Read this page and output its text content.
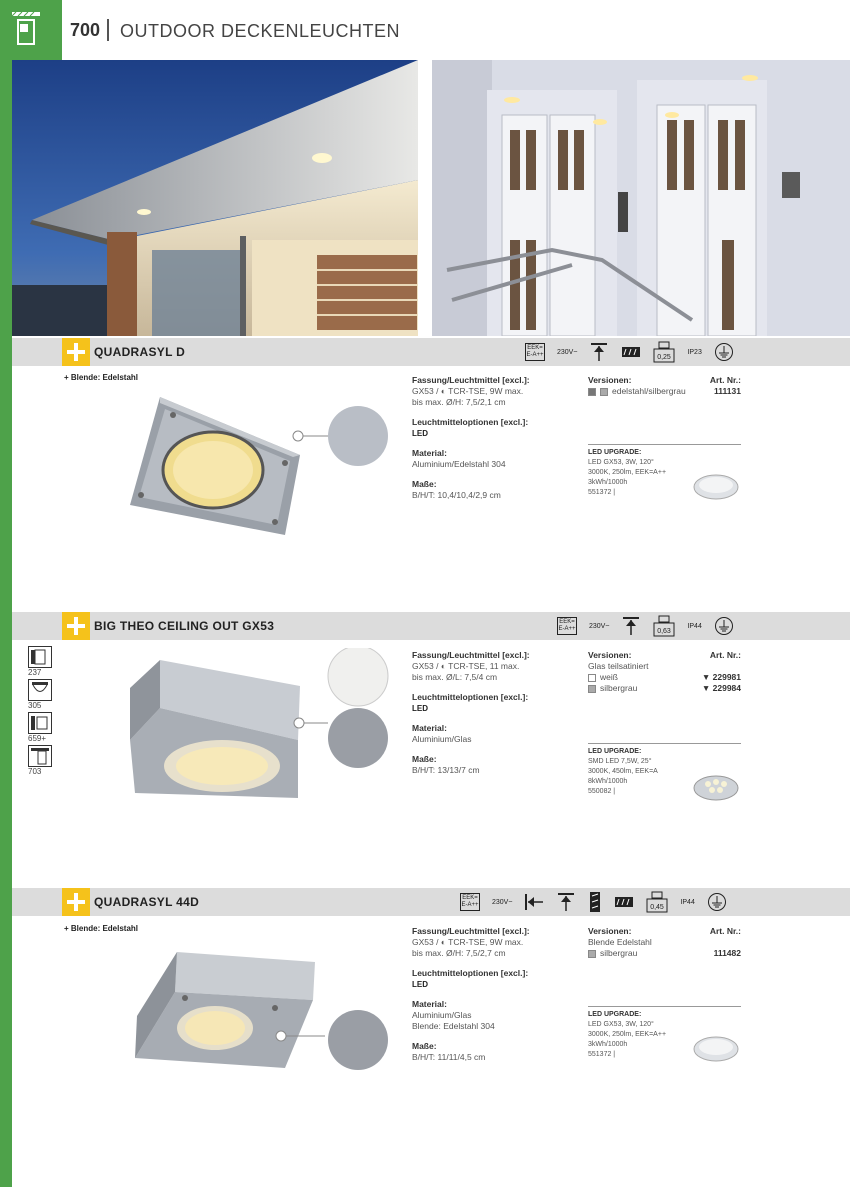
700 OUTDOOR DECKENLEUCHTEN
QUADRASYL D	EEK=
E-A++ 230V~
0,25
IP23
+ Blende: Edelstahl	Fassung/Leuchtmittel [excl.]:
GX53 / ◐ TCR-TSE, 9W max.
bis max. Ø/H: 7,5/2,1 cm
Leuchtmitteloptionen [excl.]:
LED
Material:
Aluminium/Edelstahl 304
Maße:
B/H/T: 10,4/10,4/2,9 cm
Versionen:	Art. Nr.:
edelstahl/silbergrau	111131
LED UPGRADE:
LED GX53, 3W, 120°
3000K, 250lm, EEK=A++
3kWh/1000h
551372 |
BIG THEO CEILING OUT GX53	EEK=
E-A++ 230V~
0,63
IP44
237
305
659+
703
Fassung/Leuchtmittel [excl.]:
GX53 / ◐ TCR-TSE, 11 max.
bis max. Ø/L: 7,5/4 cm
Leuchtmitteloptionen [excl.]:
LED
Material:
Aluminium/Glas
Maße:
B/H/T: 13/13/7 cm
Versionen:	Art. Nr.:
Glas teilsatiniert
weiß	▼ 229981
silbergrau	▼ 229984
LED UPGRADE:
SMD LED 7,5W, 25°
3000K, 450lm, EEK=A
8kWh/1000h
550082 |
QUADRASYL 44D	EEK=
E-A++ 230V~
0,45
IP44
+ Blende: Edelstahl	Fassung/Leuchtmittel [excl.]:
GX53 / ◐ TCR-TSE, 9W max.
bis max. Ø/H: 7,5/2,7 cm
Leuchtmitteloptionen [excl.]:
LED
Material:
Aluminium/Glas
Blende: Edelstahl 304
Maße:
B/H/T: 11/11/4,5 cm
Versionen:	Art. Nr.:
Blende Edelstahl
silbergrau	111482
LED UPGRADE:
LED GX53, 3W, 120°
3000K, 250lm, EEK=A++
3kWh/1000h
551372 |
